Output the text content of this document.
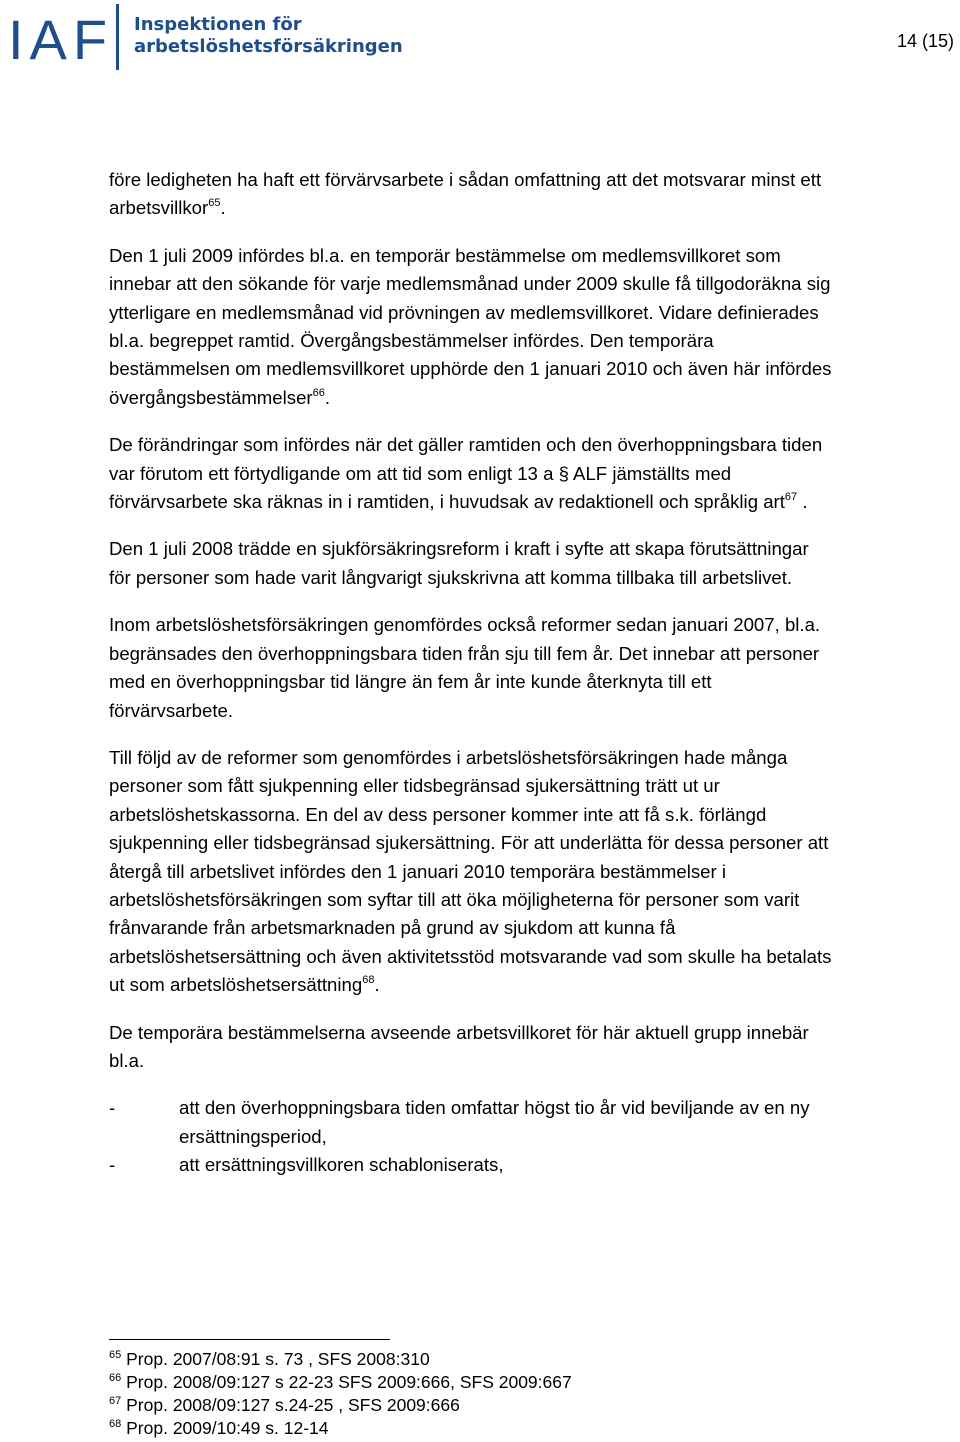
IAF Inspektionen för
arbetslöshetsförsäkringen	14 (15)

före ledigheten ha haft ett förvärvsarbete i sådan omfattning att det motsvarar minst ett arbetsvillkor$^{65}$.

Den 1 juli 2009 infördes bl.a. en temporär bestämmelse om medlemsvillkoret som innebar att den sökande för varje medlemsmånad under 2009 skulle få tillgodoräkna sig ytterligare en medlemsmånad vid prövningen av medlemsvillkoret. Vidare definierades bl.a. begreppet ramtid. Övergångsbestämmelser infördes. Den temporära bestämmelsen om medlemsvillkoret upphörde den 1 januari 2010 och även här infördes övergångsbestämmelser$^{66}$.

De förändringar som infördes när det gäller ramtiden och den överhoppningsbara tiden var förutom ett förtydligande om att tid som enligt 13 a § ALF jämställts med förvärvsarbete ska räknas in i ramtiden, i huvudsak av redaktionell och språklig art$^{67}$ .

Den 1 juli 2008 trädde en sjukförsäkringsreform i kraft i syfte att skapa förutsättningar för personer som hade varit långvarigt sjukskrivna att komma tillbaka till arbetslivet.

Inom arbetslöshetsförsäkringen genomfördes också reformer sedan januari 2007, bl.a. begränsades den överhoppningsbara tiden från sju till fem år. Det innebar att personer med en överhoppningsbar tid längre än fem år inte kunde återknyta till ett förvärvsarbete.

Till följd av de reformer som genomfördes i arbetslöshetsförsäkringen hade många personer som fått sjukpenning eller tidsbegränsad sjukersättning trätt ut ur arbetslöshetskassorna. En del av dess personer kommer inte att få s.k. förlängd sjukpenning eller tidsbegränsad sjukersättning. För att underlätta för dessa personer att återgå till arbetslivet infördes den 1 januari 2010 temporära bestämmelser i arbetslöshetsförsäkringen som syftar till att öka möjligheterna för personer som varit frånvarande från arbetsmarknaden på grund av sjukdom att kunna få arbetslöshetsersättning och även aktivitetsstöd motsvarande vad som skulle ha betalats ut som arbetslöshetsersättning$^{68}$.

De temporära bestämmelserna avseende arbetsvillkoret för här aktuell grupp innebär bl.a.

-	att den överhoppningsbara tiden omfattar högst tio år vid beviljande av en ny
ersättningsperiod,
-	att ersättningsvillkoren schabloniserats,
$^{65}$ Prop. 2007/08:91 s. 73 , SFS 2008:310
$^{66}$ Prop. 2008/09:127 s 22-23 SFS 2009:666, SFS 2009:667
$^{67}$ Prop. 2008/09:127 s.24-25 , SFS 2009:666
$^{68}$ Prop. 2009/10:49 s. 12-14
